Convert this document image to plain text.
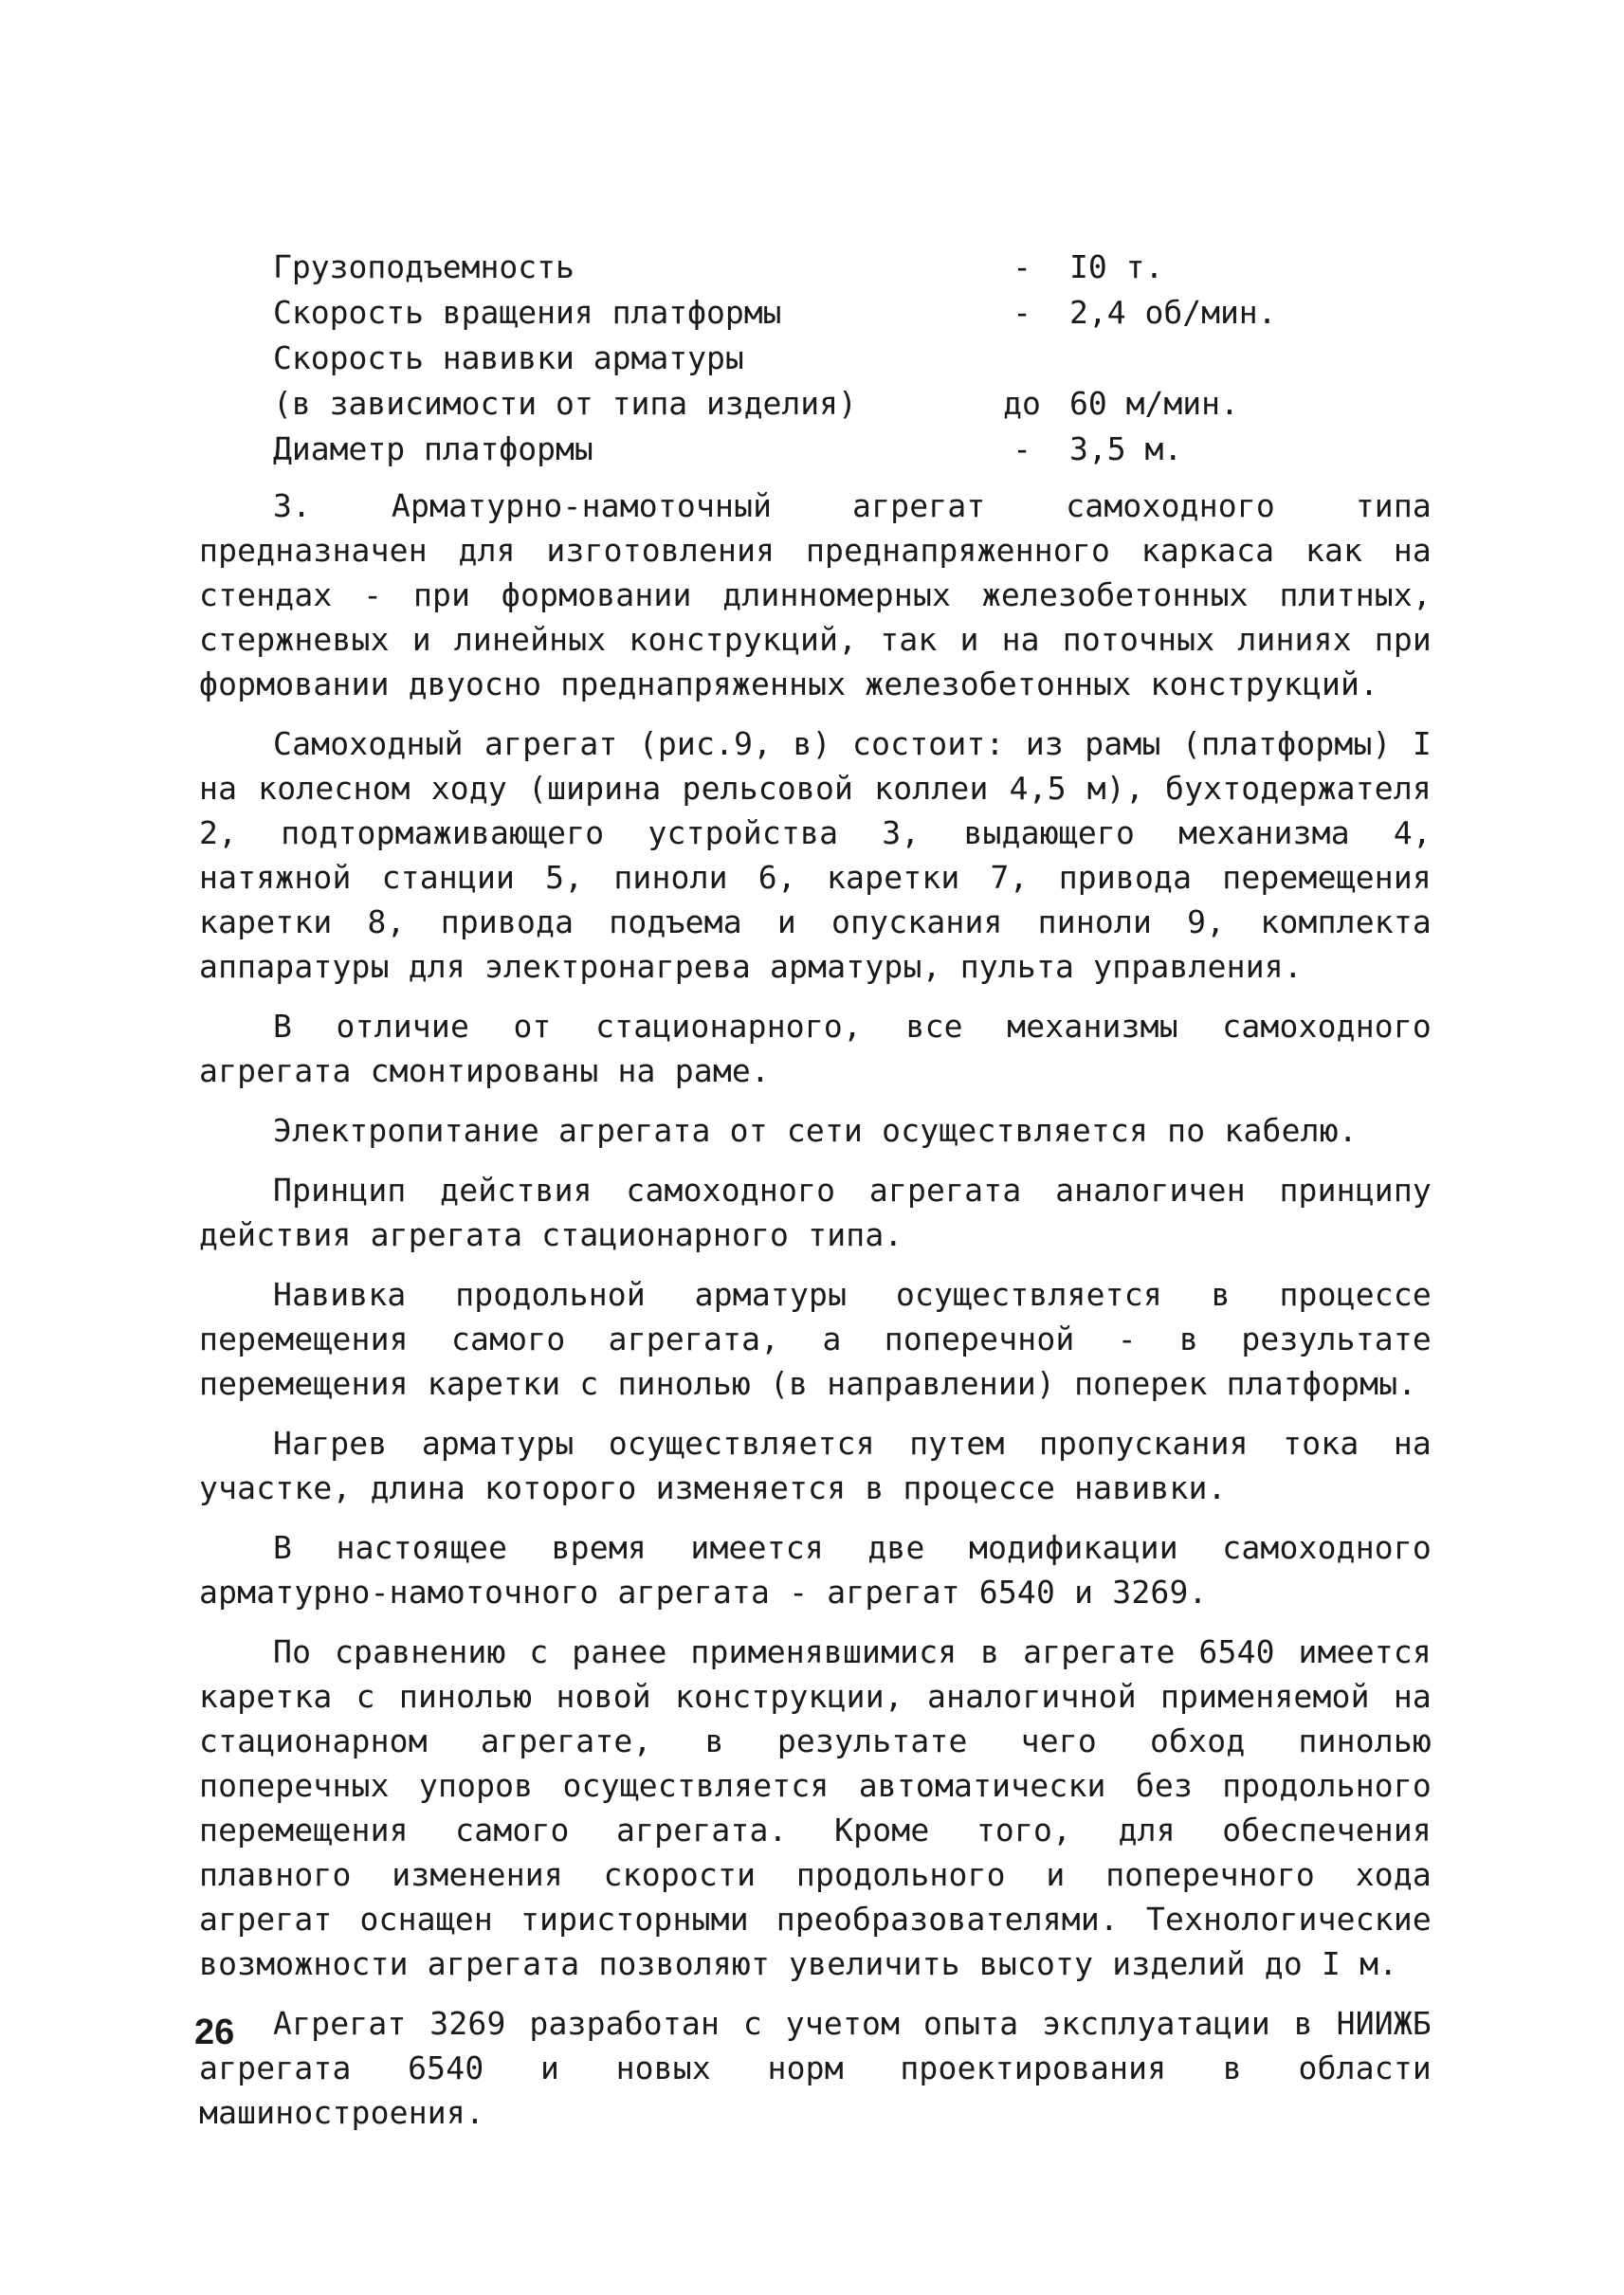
Грузоподъемность	-	I0 т.
Скорость вращения платформы	-	2,4 об/мин.
Скорость навивки арматуры
(в зависимости от типа изделия)	до 60 м/мин.
Диаметр платформы	-	3,5 м.

3. Арматурно-намоточный агрегат самоходного типа предназначен для изготовления преднапряженного каркаса как на стендах - при формовании длинномерных железобетонных плитных, стержневых и линейных конструкций, так и на поточных линиях при формовании двуосно преднапряженных железобетонных конструкций.

Самоходный агрегат (рис.9, в) состоит: из рамы (платформы) I на колесном ходу (ширина рельсовой коллеи 4,5 м), бухтодержателя 2, подтормаживающего устройства 3, выдающего механизма 4, натяжной станции 5, пиноли 6, каретки 7, привода перемещения каретки 8, привода подъема и опускания пиноли 9, комплекта аппаратуры для электронагрева арматуры, пульта управления.

В отличие от стационарного, все механизмы самоходного агрегата смонтированы на раме.

Электропитание агрегата от сети осуществляется по кабелю.

Принцип действия самоходного агрегата аналогичен принципу действия агрегата стационарного типа.

Навивка продольной арматуры осуществляется в процессе перемещения самого агрегата, а поперечной - в результате перемещения каретки с пинолью (в направлении) поперек платформы.

Нагрев арматуры осуществляется путем пропускания тока на участке, длина которого изменяется в процессе навивки.

В настоящее время имеется две модификации самоходного арматурно-намоточного агрегата - агрегат 6540 и 3269.

По сравнению с ранее применявшимися в агрегате 6540 имеется каретка с пинолью новой конструкции, аналогичной применяемой на стационарном агрегате, в результате чего обход пинолью поперечных упоров осуществляется автоматически без продольного перемещения самого агрегата. Кроме того, для обеспечения плавного изменения скорости продольного и поперечного хода агрегат оснащен тиристорными преобразователями. Технологические возможности агрегата позволяют увеличить высоту изделий до I м.

Агрегат 3269 разработан с учетом опыта эксплуатации в НИИЖБ агрегата 6540 и новых норм проектирования в области машиностроения.

26
